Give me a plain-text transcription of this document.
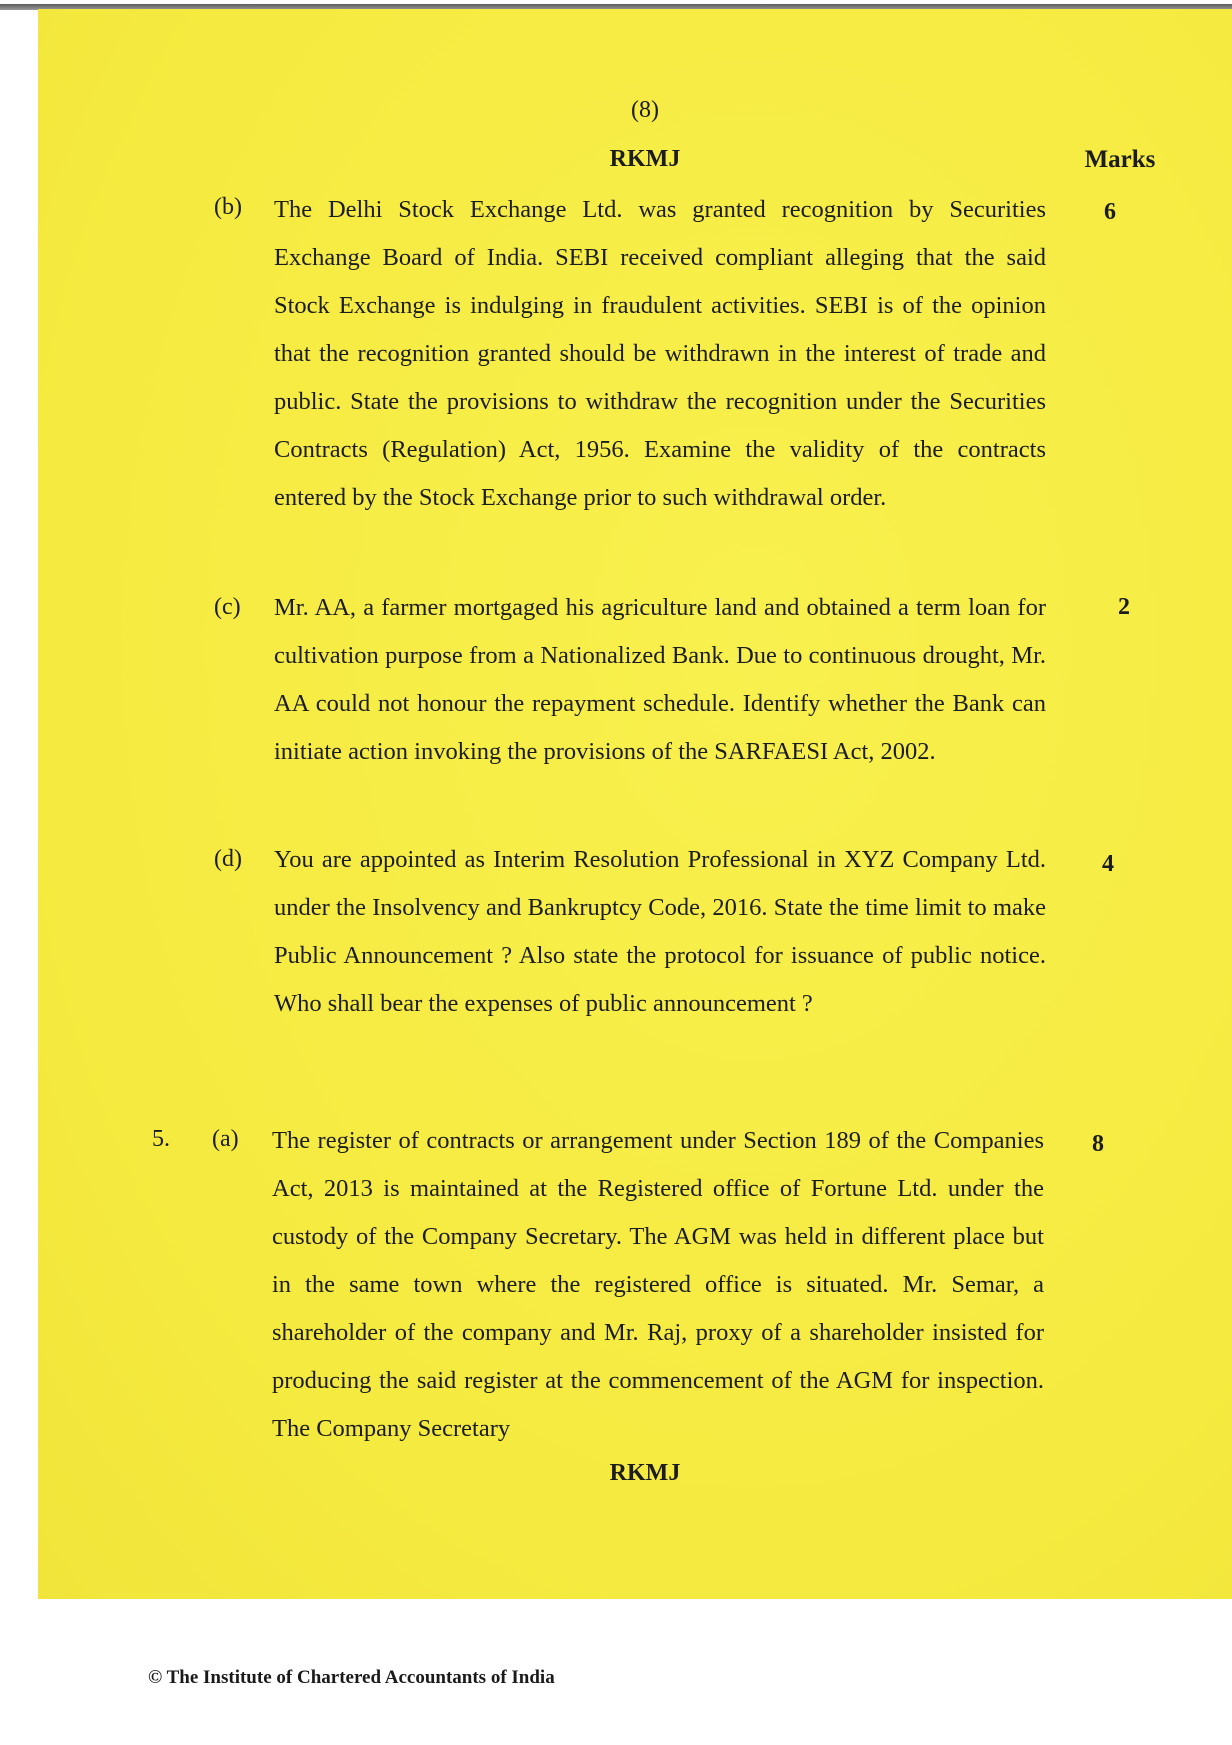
(8)
RKMJ	Marks
(b) The Delhi Stock Exchange Ltd. was granted recognition by Securities Exchange Board of India. SEBI received compliant alleging that the said Stock Exchange is indulging in fraudulent activities. SEBI is of the opinion that the recognition granted should be withdrawn in the interest of trade and public. State the provisions to withdraw the recognition under the Securities Contracts (Regulation) Act, 1956. Examine the validity of the contracts entered by the Stock Exchange prior to such withdrawal order.
6
(c) Mr. AA, a farmer mortgaged his agriculture land and obtained a term loan for cultivation purpose from a Nationalized Bank. Due to continuous drought, Mr. AA could not honour the repayment schedule. Identify whether the Bank can initiate action invoking the provisions of the SARFAESI Act, 2002.
2
(d) You are appointed as Interim Resolution Professional in XYZ Company Ltd. under the Insolvency and Bankruptcy Code, 2016. State the time limit to make Public Announcement ? Also state the protocol for issuance of public notice. Who shall bear the expenses of public announcement ?
4
5. (a) The register of contracts or arrangement under Section 189 of the Companies Act, 2013 is maintained at the Registered office of Fortune Ltd. under the custody of the Company Secretary. The AGM was held in different place but in the same town where the registered office is situated. Mr. Semar, a shareholder of the company and Mr. Raj, proxy of a shareholder insisted for producing the said register at the commencement of the AGM for inspection. The Company Secretary
8
RKMJ
© The Institute of Chartered Accountants of India
